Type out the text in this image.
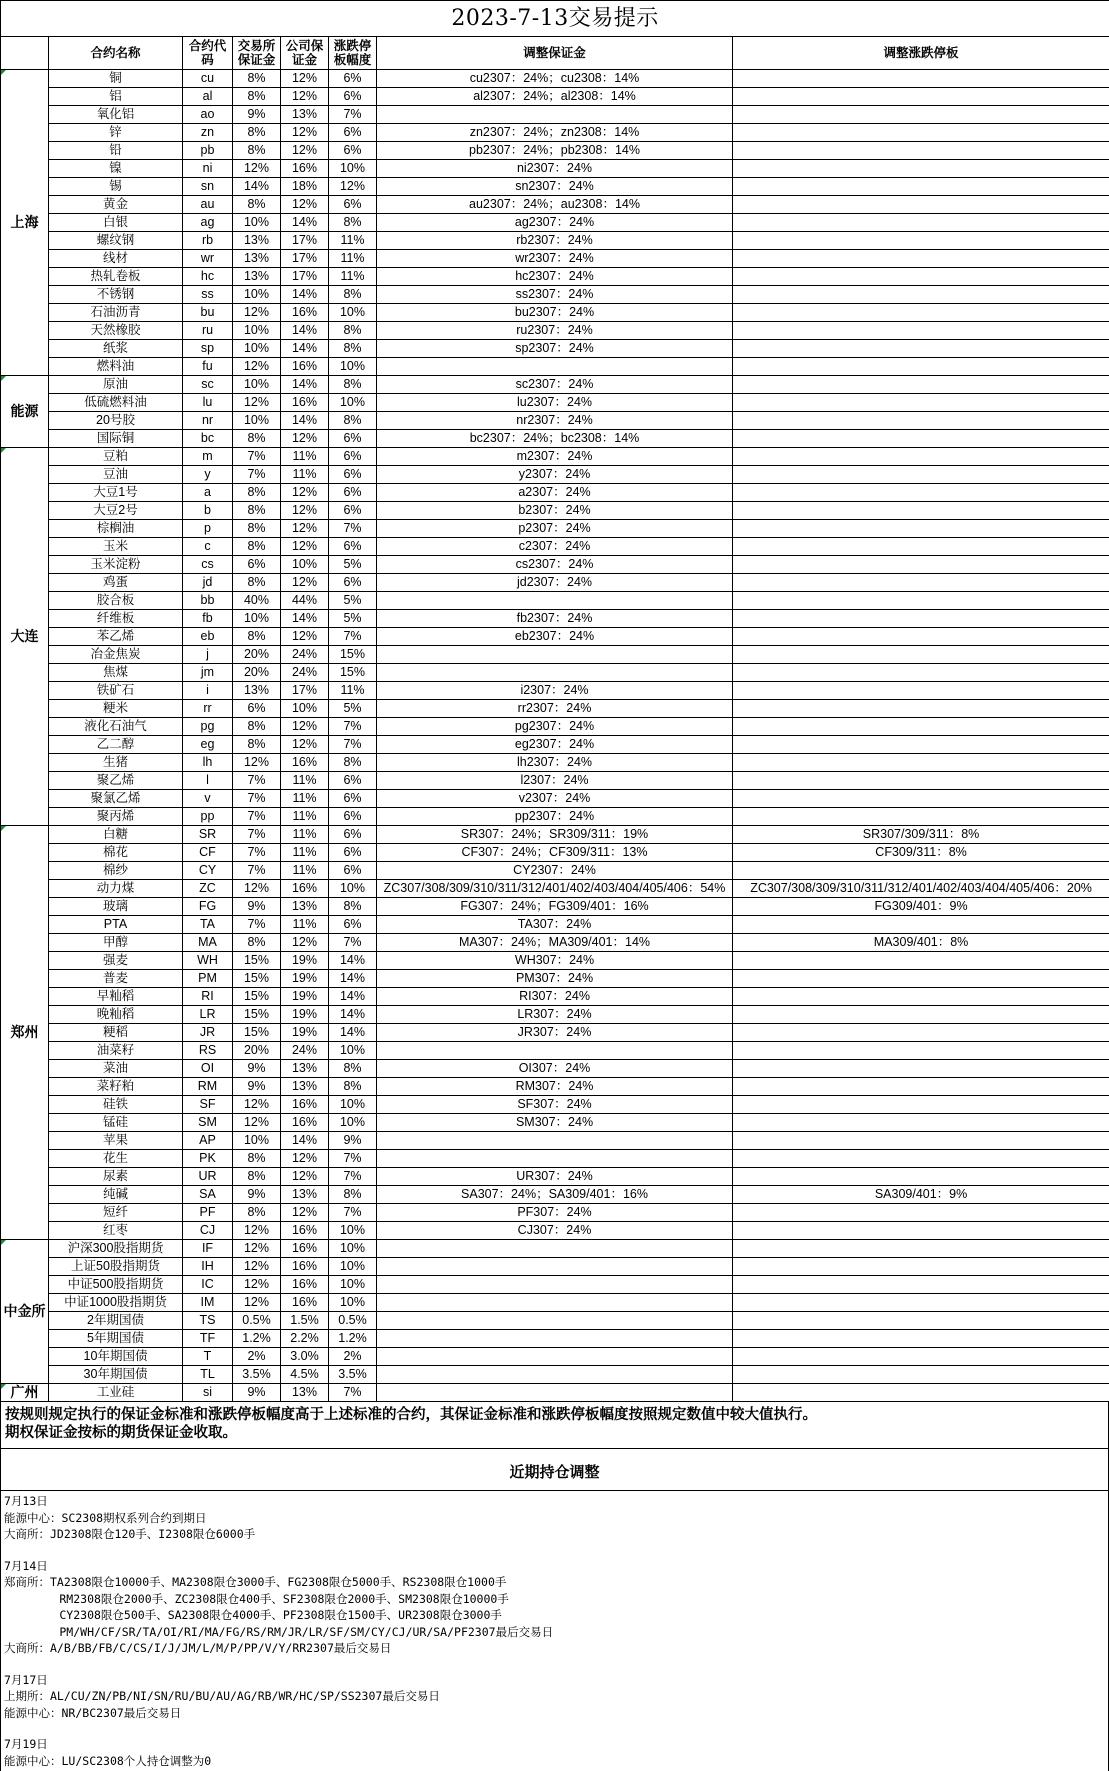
2023-7-13交易提示							
	合约名称	合约代码	交易所保证金	公司保证金	涨跌停板幅度	调整保证金	调整涨跌停板
上海	铜	cu	8%	12%	6%	cu2307：24%；cu2308：14%	
	铝	al	8%	12%	6%	al2307：24%；al2308：14%	
	氧化铝	ao	9%	13%	7%		
	锌	zn	8%	12%	6%	zn2307：24%；zn2308：14%	
	铅	pb	8%	12%	6%	pb2307：24%；pb2308：14%	
	镍	ni	12%	16%	10%	ni2307：24%	
	锡	sn	14%	18%	12%	sn2307：24%	
	黄金	au	8%	12%	6%	au2307：24%；au2308：14%	
	白银	ag	10%	14%	8%	ag2307：24%	
	螺纹钢	rb	13%	17%	11%	rb2307：24%	
	线材	wr	13%	17%	11%	wr2307：24%	
	热轧卷板	hc	13%	17%	11%	hc2307：24%	
	不锈钢	ss	10%	14%	8%	ss2307：24%	
	石油沥青	bu	12%	16%	10%	bu2307：24%	
	天然橡胶	ru	10%	14%	8%	ru2307：24%	
	纸浆	sp	10%	14%	8%	sp2307：24%	
	燃料油	fu	12%	16%	10%		
能源	原油	sc	10%	14%	8%	sc2307：24%	
	低硫燃料油	lu	12%	16%	10%	lu2307：24%	
	20号胶	nr	10%	14%	8%	nr2307：24%	
	国际铜	bc	8%	12%	6%	bc2307：24%；bc2308：14%	
大连	豆粕	m	7%	11%	6%	m2307：24%	
	豆油	y	7%	11%	6%	y2307：24%	
	大豆1号	a	8%	12%	6%	a2307：24%	
	大豆2号	b	8%	12%	6%	b2307：24%	
	棕榈油	p	8%	12%	7%	p2307：24%	
	玉米	c	8%	12%	6%	c2307：24%	
	玉米淀粉	cs	6%	10%	5%	cs2307：24%	
	鸡蛋	jd	8%	12%	6%	jd2307：24%	
	胶合板	bb	40%	44%	5%		
	纤维板	fb	10%	14%	5%	fb2307：24%	
	苯乙烯	eb	8%	12%	7%	eb2307：24%	
	冶金焦炭	j	20%	24%	15%		
	焦煤	jm	20%	24%	15%		
	铁矿石	i	13%	17%	11%	i2307：24%	
	粳米	rr	6%	10%	5%	rr2307：24%	
	液化石油气	pg	8%	12%	7%	pg2307：24%	
	乙二醇	eg	8%	12%	7%	eg2307：24%	
	生猪	lh	12%	16%	8%	lh2307：24%	
	聚乙烯	l	7%	11%	6%	l2307：24%	
	聚氯乙烯	v	7%	11%	6%	v2307：24%	
	聚丙烯	pp	7%	11%	6%	pp2307：24%	
郑州	白糖	SR	7%	11%	6%	SR307：24%；SR309/311：19%	SR307/309/311：8%
	棉花	CF	7%	11%	6%	CF307：24%；CF309/311：13%	CF309/311：8%
	棉纱	CY	7%	11%	6%	CY2307：24%	
	动力煤	ZC	12%	16%	10%	ZC307/308/309/310/311/312/401/402/403/404/405/406：54%	ZC307/308/309/310/311/312/401/402/403/404/405/406：20%
	玻璃	FG	9%	13%	8%	FG307：24%；FG309/401：16%	FG309/401：9%
	PTA	TA	7%	11%	6%	TA307：24%	
	甲醇	MA	8%	12%	7%	MA307：24%；MA309/401：14%	MA309/401：8%
	强麦	WH	15%	19%	14%	WH307：24%	
	普麦	PM	15%	19%	14%	PM307：24%	
	早籼稻	RI	15%	19%	14%	RI307：24%	
	晚籼稻	LR	15%	19%	14%	LR307：24%	
	粳稻	JR	15%	19%	14%	JR307：24%	
	油菜籽	RS	20%	24%	10%		
	菜油	OI	9%	13%	8%	OI307：24%	
	菜籽粕	RM	9%	13%	8%	RM307：24%	
	硅铁	SF	12%	16%	10%	SF307：24%	
	锰硅	SM	12%	16%	10%	SM307：24%	
	苹果	AP	10%	14%	9%		
	花生	PK	8%	12%	7%		
	尿素	UR	8%	12%	7%	UR307：24%	
	纯碱	SA	9%	13%	8%	SA307：24%；SA309/401：16%	SA309/401：9%
	短纤	PF	8%	12%	7%	PF307：24%	
	红枣	CJ	12%	16%	10%	CJ307：24%	
中金所	沪深300股指期货	IF	12%	16%	10%		
	上证50股指期货	IH	12%	16%	10%		
	中证500股指期货	IC	12%	16%	10%		
	中证1000股指期货	IM	12%	16%	10%		
	2年期国债	TS	0.5%	1.5%	0.5%		
	5年期国债	TF	1.2%	2.2%	1.2%		
	10年期国债	T	2%	3.0%	2%		
	30年期国债	TL	3.5%	4.5%	3.5%		
广州	工业硅	si	9%	13%	7%		
按规则规定执行的保证金标准和涨跌停板幅度高于上述标准的合约，其保证金标准和涨跌停板幅度按照规定数值中较大值执行。
期权保证金按标的期货保证金收取。
近期持仓调整
7月13日
能源中心：SC2308期权系列合约到期日
大商所：JD2308限仓120手、I2308限仓6000手
7月14日
郑商所：TA2308限仓10000手、MA2308限仓3000手、FG2308限仓5000手、RS2308限仓1000手
RM2308限仓2000手、ZC2308限仓400手、SF2308限仓2000手、SM2308限仓10000手
CY2308限仓500手、SA2308限仓4000手、PF2308限仓1500手、UR2308限仓3000手
PM/WH/CF/SR/TA/OI/RI/MA/FG/RS/RM/JR/LR/SF/SM/CY/CJ/UR/SA/PF2307最后交易日
大商所：A/B/BB/FB/C/CS/I/J/JM/L/M/P/PP/V/Y/RR2307最后交易日
7月17日
上期所：AL/CU/ZN/PB/NI/SN/RU/BU/AU/AG/RB/WR/HC/SP/SS2307最后交易日
能源中心：NR/BC2307最后交易日
7月19日
能源中心：LU/SC2308个人持仓调整为0
